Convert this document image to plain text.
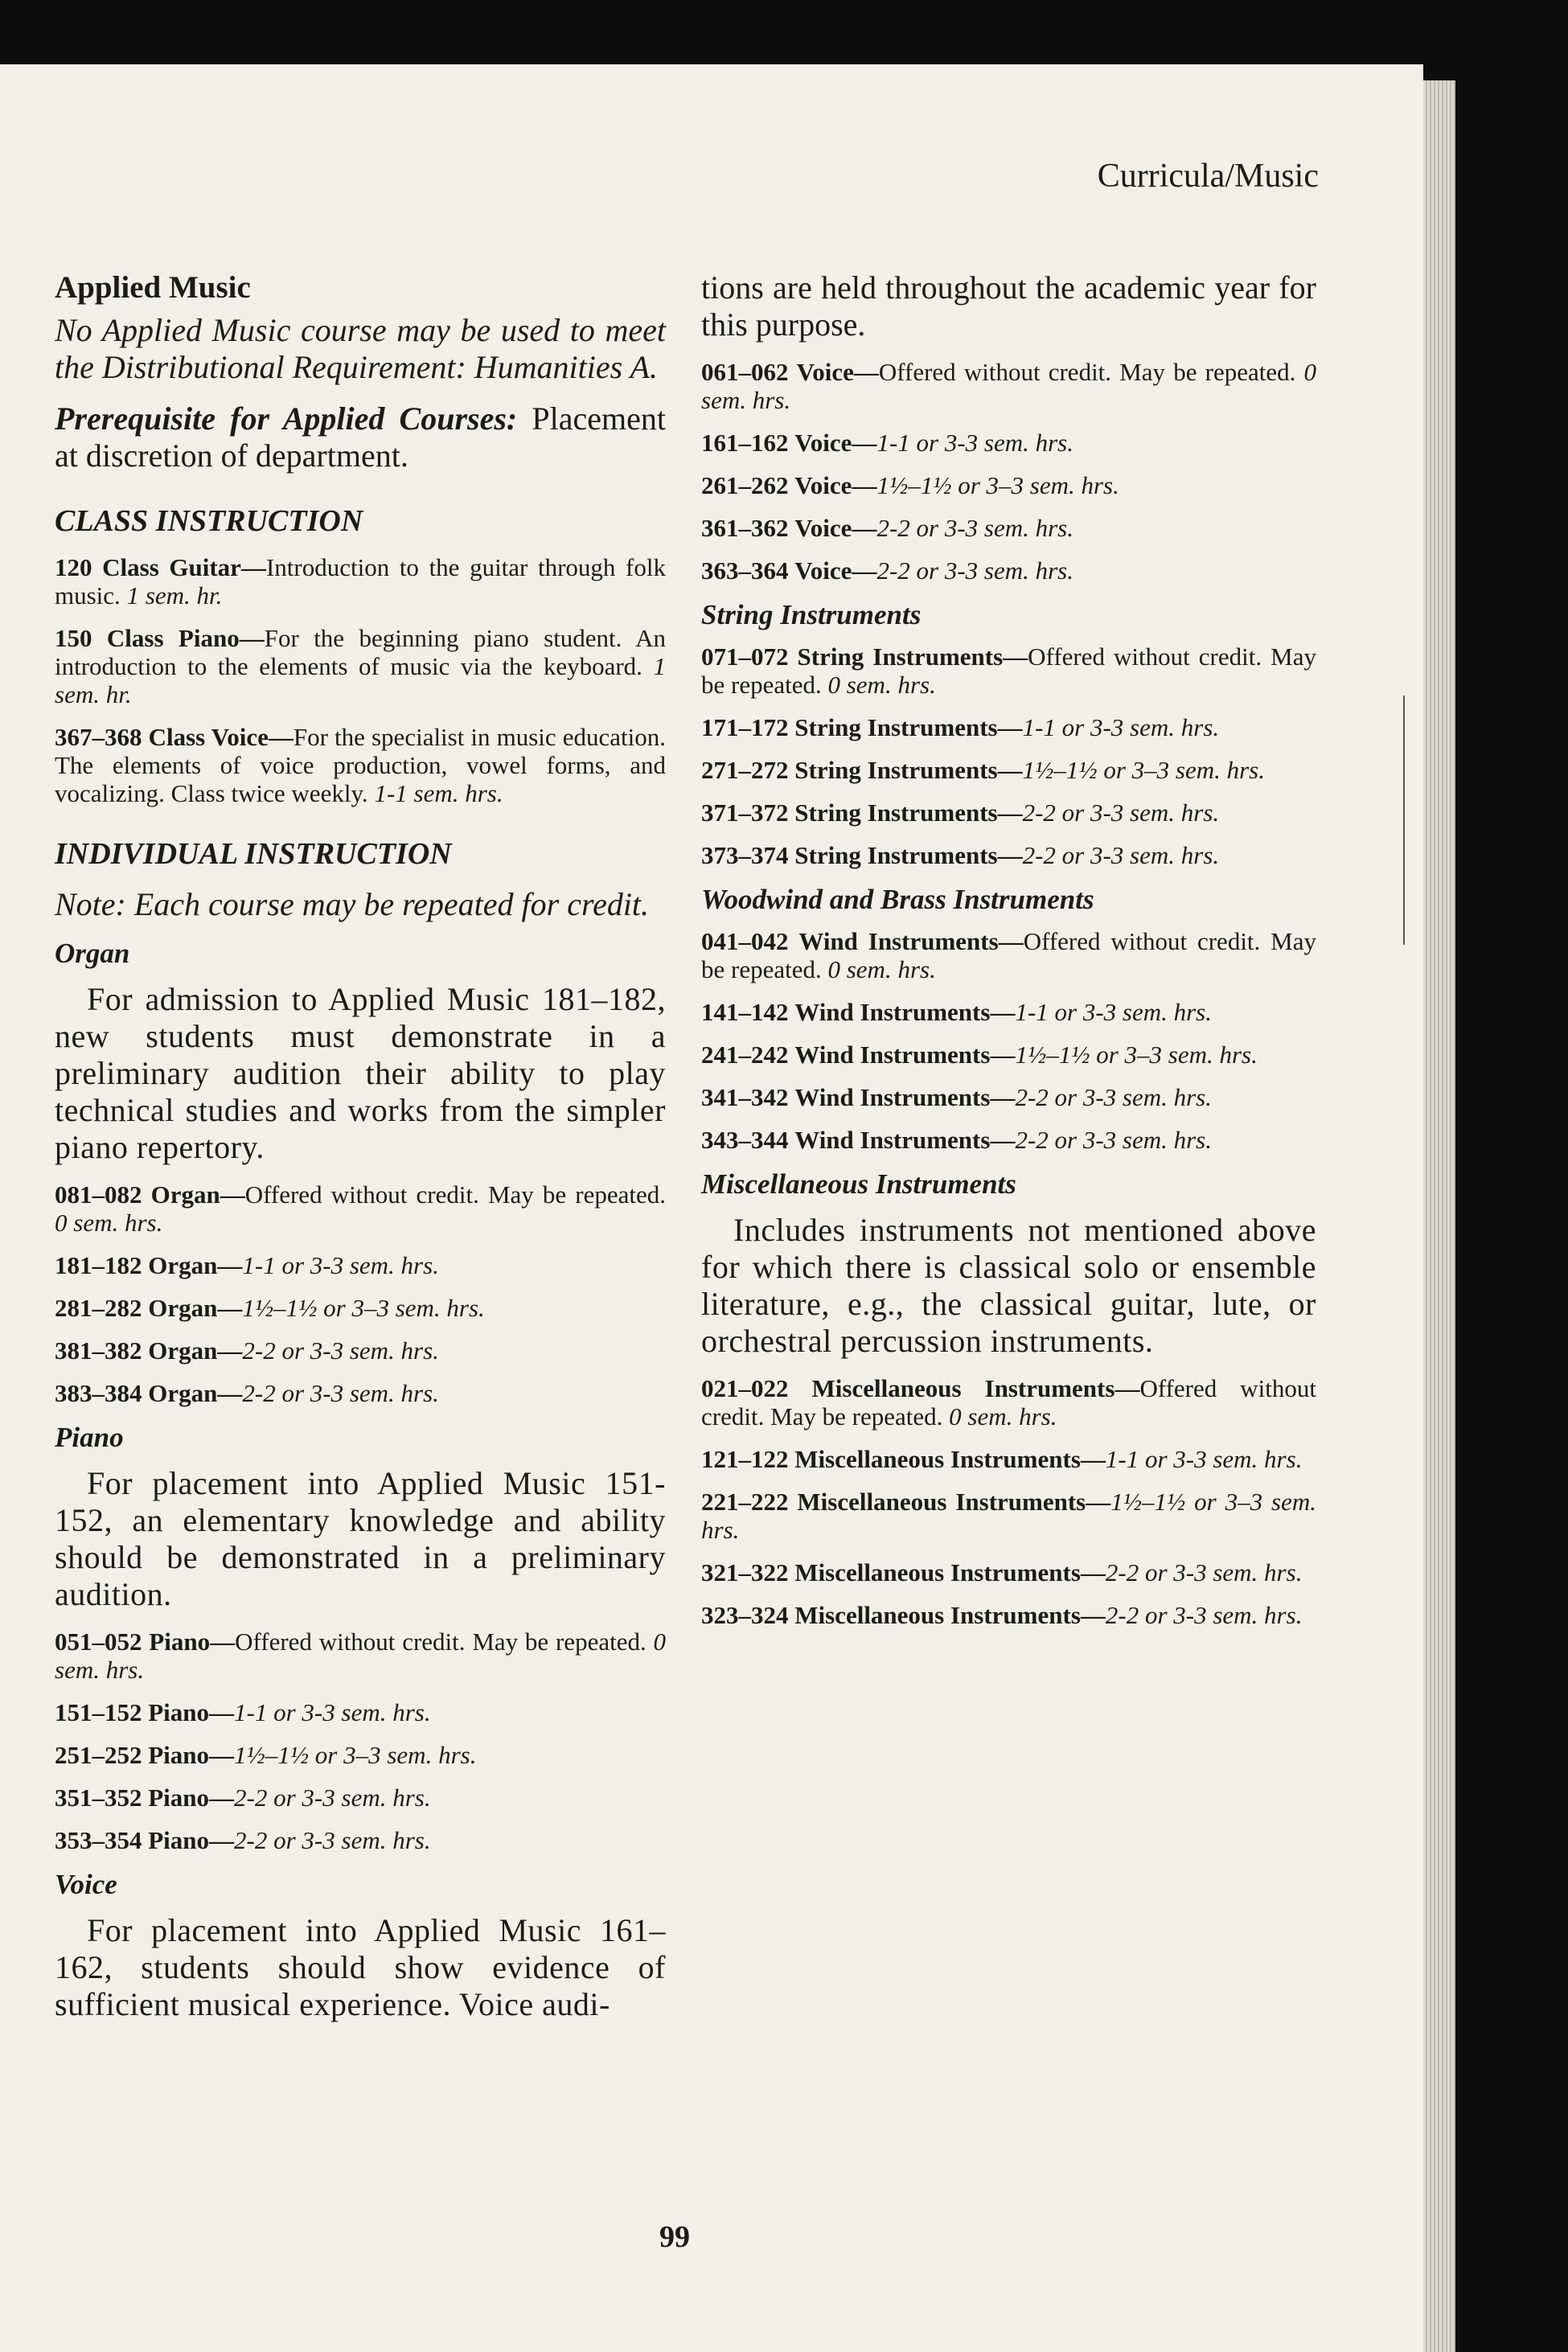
Curricula/Music
Applied Music

No Applied Music course may be used to meet the Distributional Requirement: Humanities A.

Prerequisite for Applied Courses: Placement at discretion of department.

CLASS INSTRUCTION

120 Class Guitar—Introduction to the guitar through folk music. 1 sem. hr.

150 Class Piano—For the beginning piano student. An introduction to the elements of music via the keyboard. 1 sem. hr.

367–368 Class Voice—For the specialist in music education. The elements of voice production, vowel forms, and vocalizing. Class twice weekly. 1-1 sem. hrs.

INDIVIDUAL INSTRUCTION

Note: Each course may be repeated for credit.

Organ

For admission to Applied Music 181–182, new students must demonstrate in a preliminary audition their ability to play technical studies and works from the simpler piano repertory.

081–082 Organ—Offered without credit. May be repeated. 0 sem. hrs.

181–182 Organ—1-1 or 3-3 sem. hrs.

281–282 Organ—1½–1½ or 3–3 sem. hrs.

381–382 Organ—2-2 or 3-3 sem. hrs.

383–384 Organ—2-2 or 3-3 sem. hrs.

Piano

For placement into Applied Music 151-152, an elementary knowledge and ability should be demonstrated in a preliminary audition.

051–052 Piano—Offered without credit. May be repeated. 0 sem. hrs.

151–152 Piano—1-1 or 3-3 sem. hrs.

251–252 Piano—1½–1½ or 3–3 sem. hrs.

351–352 Piano—2-2 or 3-3 sem. hrs.

353–354 Piano—2-2 or 3-3 sem. hrs.

Voice

For placement into Applied Music 161–162, students should show evidence of sufficient musical experience. Voice audi-

tions are held throughout the academic year for this purpose.

061–062 Voice—Offered without credit. May be repeated. 0 sem. hrs.

161–162 Voice—1-1 or 3-3 sem. hrs.

261–262 Voice—1½–1½ or 3–3 sem. hrs.

361–362 Voice—2-2 or 3-3 sem. hrs.

363–364 Voice—2-2 or 3-3 sem. hrs.

String Instruments

071–072 String Instruments—Offered without credit. May be repeated. 0 sem. hrs.

171–172 String Instruments—1-1 or 3-3 sem. hrs.

271–272 String Instruments—1½–1½ or 3–3 sem. hrs.

371–372 String Instruments—2-2 or 3-3 sem. hrs.

373–374 String Instruments—2-2 or 3-3 sem. hrs.

Woodwind and Brass Instruments

041–042 Wind Instruments—Offered without credit. May be repeated. 0 sem. hrs.

141–142 Wind Instruments—1-1 or 3-3 sem. hrs.

241–242 Wind Instruments—1½–1½ or 3–3 sem. hrs.

341–342 Wind Instruments—2-2 or 3-3 sem. hrs.

343–344 Wind Instruments—2-2 or 3-3 sem. hrs.

Miscellaneous Instruments

Includes instruments not mentioned above for which there is classical solo or ensemble literature, e.g., the classical guitar, lute, or orchestral percussion instruments.

021–022 Miscellaneous Instruments—Offered without credit. May be repeated. 0 sem. hrs.

121–122 Miscellaneous Instruments—1-1 or 3-3 sem. hrs.

221–222 Miscellaneous Instruments—1½–1½ or 3–3 sem. hrs.

321–322 Miscellaneous Instruments—2-2 or 3-3 sem. hrs.

323–324 Miscellaneous Instruments—2-2 or 3-3 sem. hrs.

99
